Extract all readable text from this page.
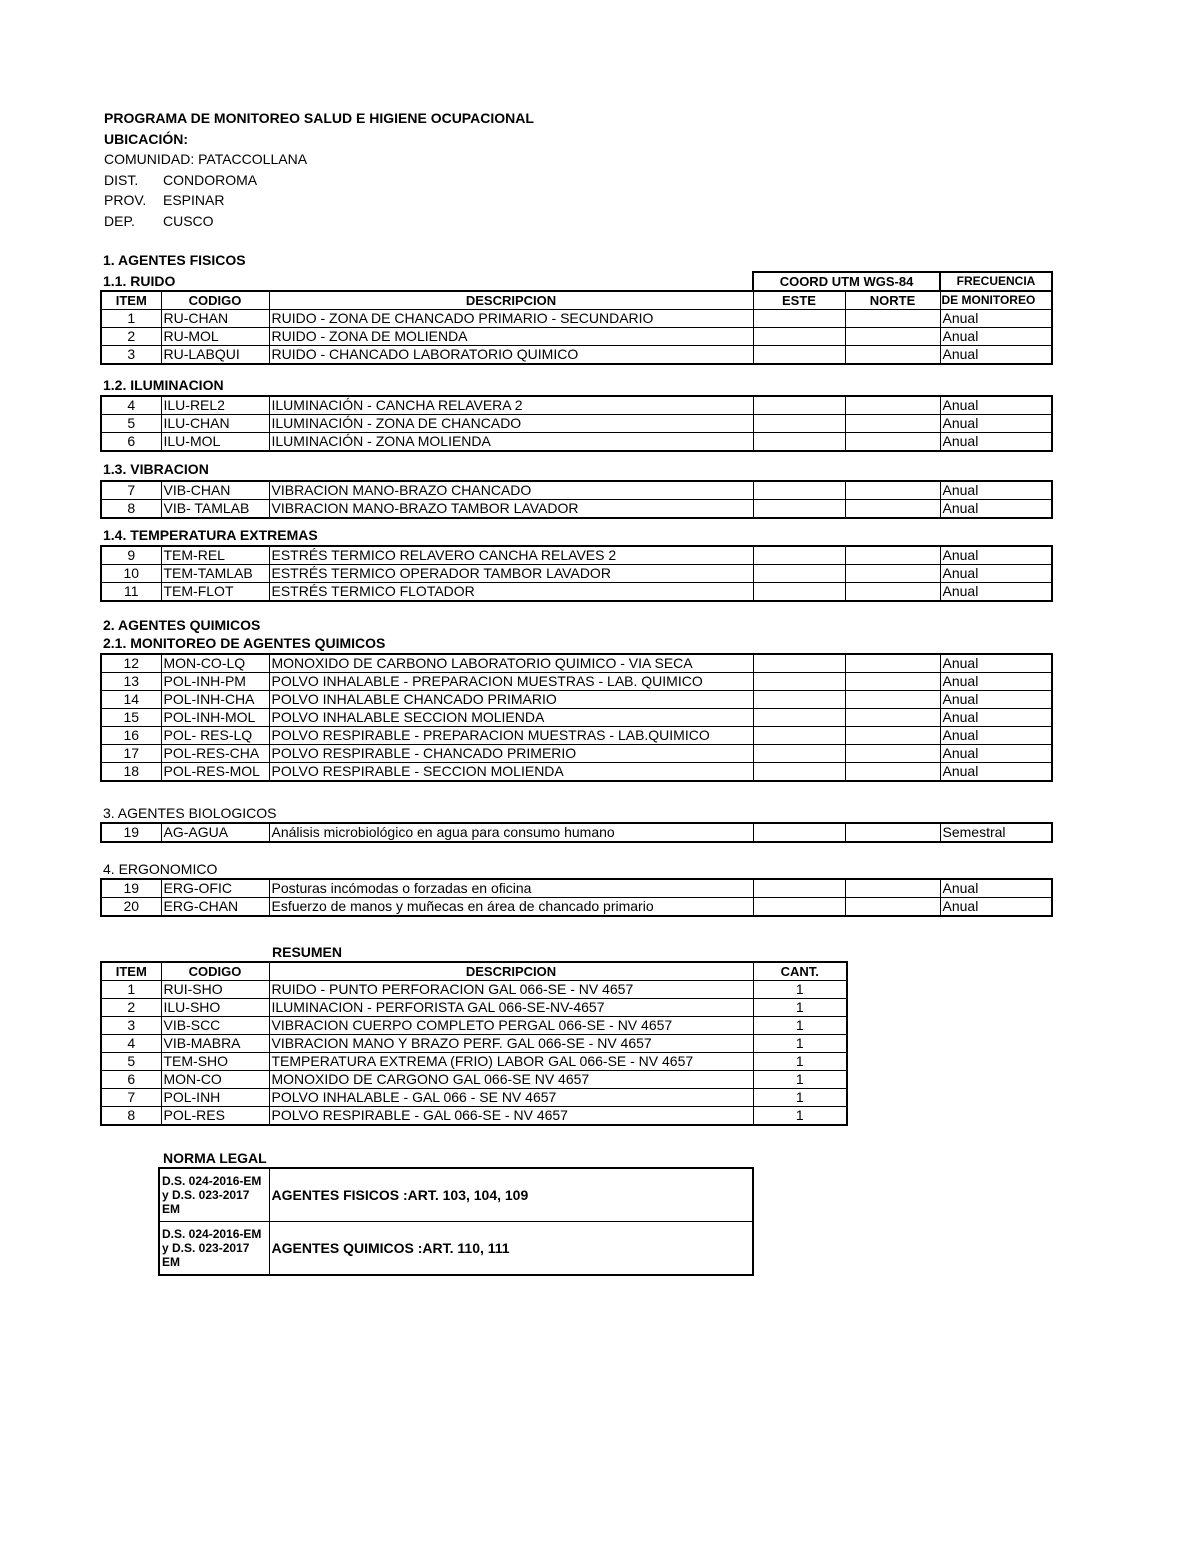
PROGRAMA DE MONITOREO SALUD E HIGIENE OCUPACIONAL
UBICACIÓN:
COMUNIDAD: PATACCOLLANA
DIST. CONDOROMA
PROV. ESPINAR
DEP. CUSCO
1. AGENTES FISICOS
1.1. RUIDO
				COORD UTM WGS-84		FRECUENCIA
ITEM	CODIGO	DESCRIPCION	ESTE	NORTE	DE MONITOREO
1	RU-CHAN	RUIDO - ZONA DE CHANCADO PRIMARIO - SECUNDARIO			Anual
2	RU-MOL	RUIDO - ZONA DE MOLIENDA			Anual
3	RU-LABQUI	RUIDO - CHANCADO LABORATORIO QUIMICO			Anual
1.2. ILUMINACION
4	ILU-REL2	ILUMINACIÓN - CANCHA RELAVERA 2			Anual
5	ILU-CHAN	ILUMINACIÓN - ZONA DE CHANCADO			Anual
6	ILU-MOL	ILUMINACIÓN - ZONA MOLIENDA			Anual
1.3. VIBRACION
7	VIB-CHAN	VIBRACION MANO-BRAZO CHANCADO			Anual
8	VIB- TAMLAB	VIBRACION MANO-BRAZO TAMBOR LAVADOR			Anual
1.4. TEMPERATURA EXTREMAS
9	TEM-REL	ESTRÉS TERMICO RELAVERO CANCHA RELAVES 2			Anual
10	TEM-TAMLAB	ESTRÉS TERMICO OPERADOR TAMBOR LAVADOR			Anual
11	TEM-FLOT	ESTRÉS TERMICO FLOTADOR			Anual
2. AGENTES QUIMICOS
2.1. MONITOREO DE AGENTES QUIMICOS
12	MON-CO-LQ	MONOXIDO DE CARBONO LABORATORIO QUIMICO - VIA SECA			Anual
13	POL-INH-PM	POLVO INHALABLE - PREPARACION MUESTRAS - LAB. QUIMICO			Anual
14	POL-INH-CHA	POLVO INHALABLE CHANCADO PRIMARIO			Anual
15	POL-INH-MOL	POLVO INHALABLE SECCION MOLIENDA			Anual
16	POL- RES-LQ	POLVO RESPIRABLE - PREPARACION MUESTRAS - LAB.QUIMICO			Anual
17	POL-RES-CHA	POLVO RESPIRABLE - CHANCADO PRIMERIO			Anual
18	POL-RES-MOL	POLVO RESPIRABLE - SECCION MOLIENDA			Anual
3. AGENTES BIOLOGICOS
19	AG-AGUA	Análisis microbiológico en agua para consumo humano			Semestral
4. ERGONOMICO
19	ERG-OFIC	Posturas incómodas o forzadas en oficina			Anual
20	ERG-CHAN	Esfuerzo de manos y muñecas en área de chancado primario			Anual
RESUMEN
ITEM	CODIGO	DESCRIPCION	CANT.
1	RUI-SHO	RUIDO - PUNTO PERFORACION GAL 066-SE - NV 4657	1
2	ILU-SHO	ILUMINACION - PERFORISTA GAL 066-SE-NV-4657	1
3	VIB-SCC	VIBRACION CUERPO COMPLETO PERGAL 066-SE - NV 4657	1
4	VIB-MABRA	VIBRACION MANO Y BRAZO PERF. GAL 066-SE - NV 4657	1
5	TEM-SHO	TEMPERATURA EXTREMA (FRIO) LABOR GAL 066-SE - NV 4657	1
6	MON-CO	MONOXIDO DE CARGONO GAL 066-SE NV 4657	1
7	POL-INH	POLVO INHALABLE - GAL 066 - SE NV 4657	1
8	POL-RES	POLVO RESPIRABLE - GAL 066-SE - NV 4657	1
NORMA LEGAL
D.S. 024-2016-EM y D.S. 023-2017 EM	AGENTES FISICOS :ART. 103, 104, 109
D.S. 024-2016-EM y D.S. 023-2017 EM	AGENTES QUIMICOS :ART. 110, 111
